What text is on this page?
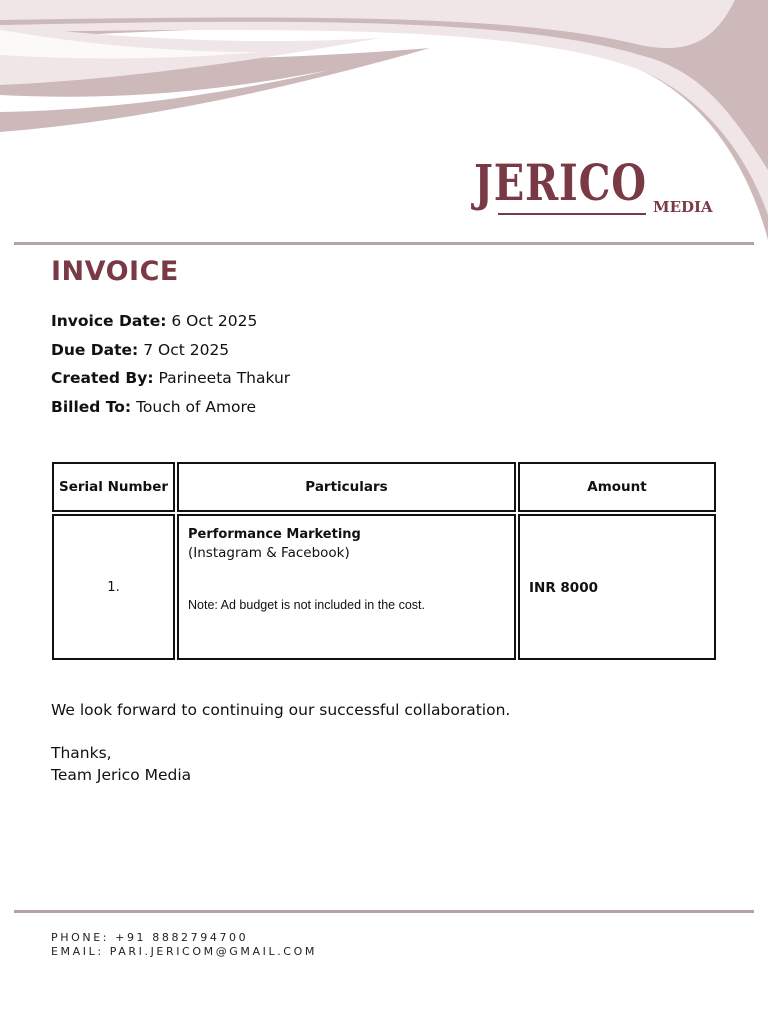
JERICO MEDIA
INVOICE
Invoice Date: 6 Oct 2025
Due Date: 7 Oct 2025
Created By: Parineeta Thakur
Billed To: Touch of Amore
Serial Number	Particulars	Amount
1.
Performance Marketing
(Instagram & Facebook)
Note: Ad budget is not included in the cost.
INR 8000
We look forward to continuing our successful collaboration.
Thanks,
Team Jerico Media
PHONE: +91 8882794700
EMAIL: PARI.JERICOM@GMAIL.COM
